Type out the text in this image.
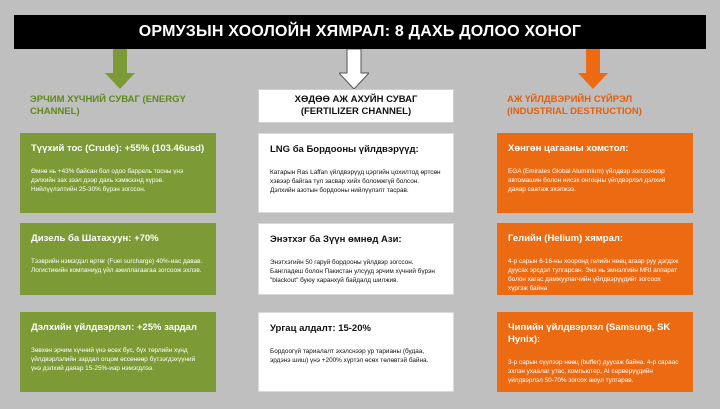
ОРМУЗЫН ХООЛОЙН ХЯМРАЛ: 8 ДАХЬ ДОЛОО ХОНОГ
ЭРЧИМ ХҮЧНИЙ СУВАГ (ENERGY CHANNEL)
ХӨДӨӨ АЖ АХУЙН СУВАГ (FERTILIZER CHANNEL)
АЖ ҮЙЛДВЭРИЙН СҮЙРЭЛ (INDUSTRIAL DESTRUCTION)
Түүхий тос (Crude): +55% (103.46usd)

Өмнө нь +43% байсан бол одоо баррель тосны үнэ дэлхийн зах зээл дээр дахь хэмжээнд хүрэв. Нийлүүлэлтийн 25-30% бүрэн зогссон.

Дизель ба Шатахуун: +70%

Тээврийн нэмэгдэл өртөг (Fuel surcharge) 40%-иас давав. Логистикийн компаниуд үйл ажиллагаагаа зогсоож эхлэв.

Дэлхийн үйлдвэрлэл: +25% зардал

Зөвхөн эрчим хүчний үнэ өсөх бус, бүх төрлийн хүнд үйлдвэрлэлийн зардал огцом өссөнөөр бүтээгдэхүүний үнэ дэлхий даяар 15-25%-иар нэмэгдлээ.

LNG ба Бордооны үйлдвэрүүд:

Катарын Ras Laffan үйлдвэрүүд цэргийн цохилтод өртсөн хэвээр байгаа тул засвар хийх боломжгүй болсон. Дэлхийн азотын бордооны нийлүүлэлт тасрав.

Энэтхэг ба Зүүн өмнөд Ази:

Энэтхэгийн 50 гаруй бордооны үйлдвэр зогссон. Бангладеш болон Пакистан улсууд эрчим хүчний бүрэн "blackout" буюу харанхуй байдалд шилжив.

Ургац алдалт: 15-20%

Бордоогүй тариалалт эхэлснээр ур тарианы (будаа, эрдэнэ шиш) үнэ +200% хүртэл өсөх төлөвтэй байна.

Хөнгөн цагааны хомстол:

EGA (Emirates Global Aluminium) үйлдвэр зогссоноор автомашин болон нисэх онгоцны үйлдвэрлэл дэлхий даяар саатаж эхэлжээ.

Гелийн (Helium) хямрал:

4-р сарын 6-16-ны хооронд гелийн нөөц агаар руу дэгдэж дуусах эрсдэл тулгарсан. Энэ нь эмнэлгийн MRI аппарат болон хагас дамжуулагчийн үйлдвэрүүдийг зогсоох хүргэж байна

Чипийн үйлдвэрлэл (Samsung, SK Hynix):

3-р сарын сүүлээр нөөц (buffer) дуусаж байна. 4-р сараас эхлэн ухаалаг утас, компьютер, AI серверүүдийн үйлдвэрлэл 50-70% зогсох аюул тулгарав.
